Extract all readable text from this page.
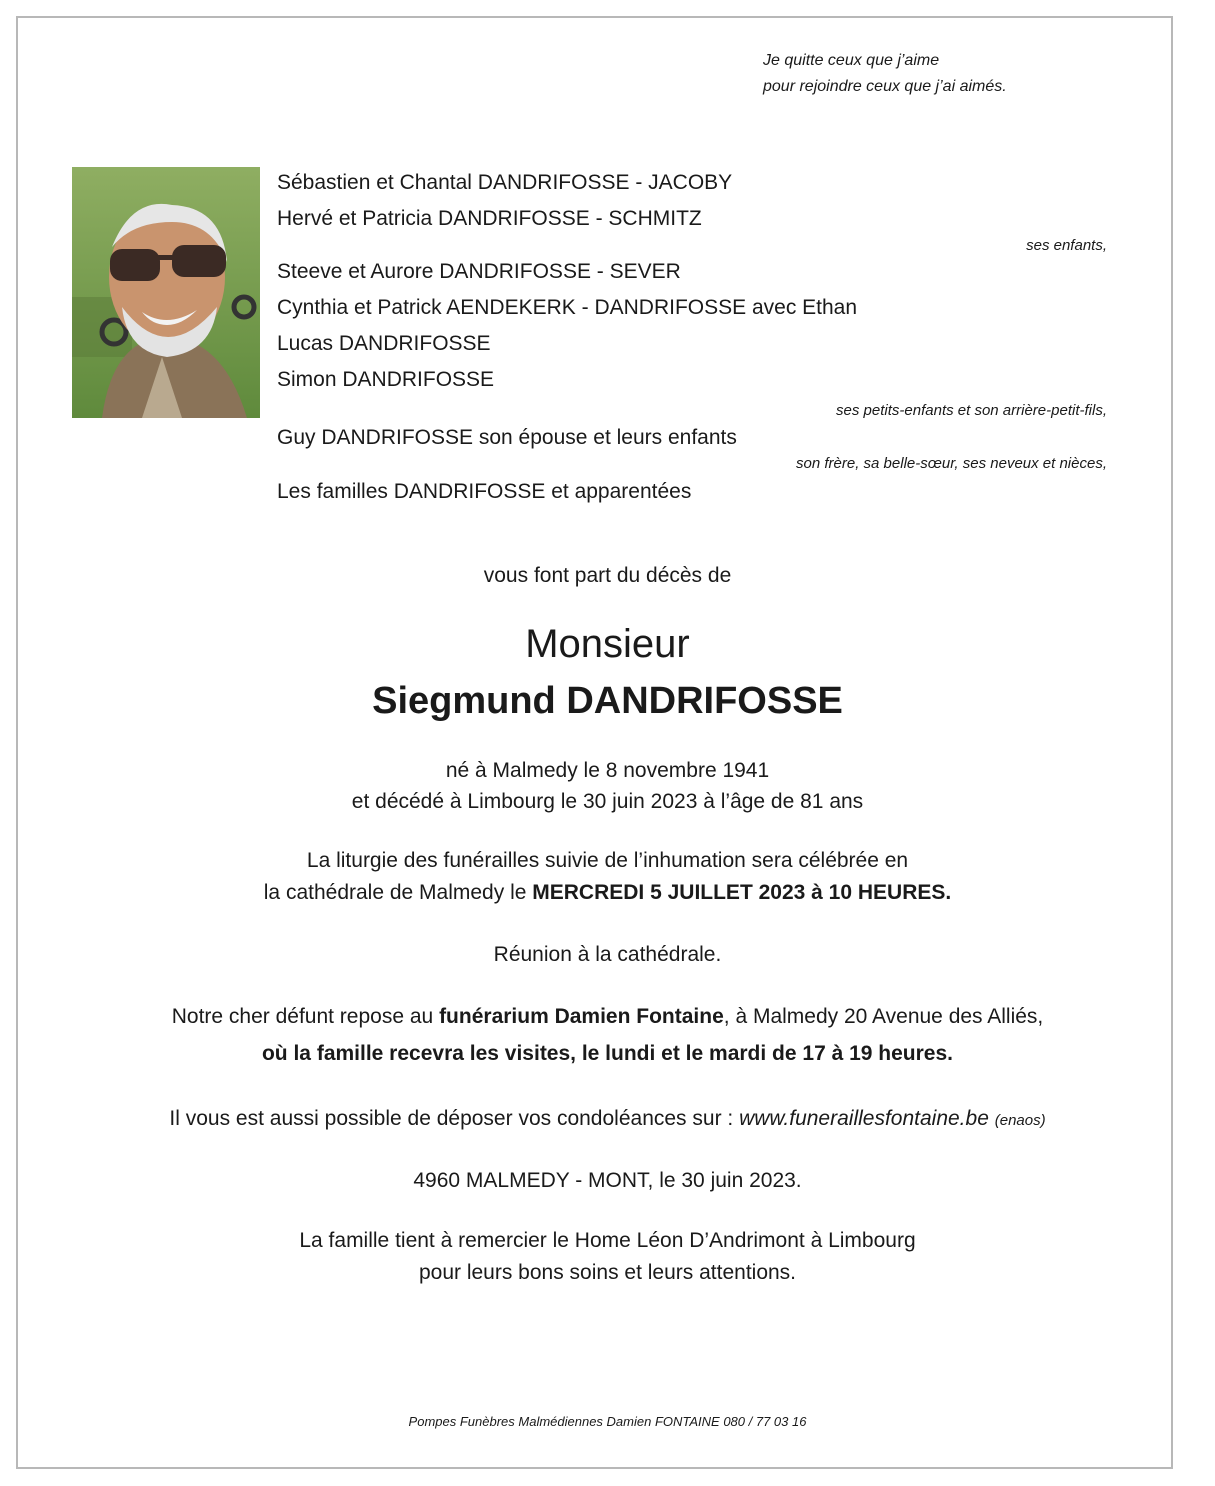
Je quitte ceux que j’aime
pour rejoindre ceux que j’ai aimés.
Sébastien et Chantal DANDRIFOSSE - JACOBY
Hervé et Patricia DANDRIFOSSE - SCHMITZ
ses enfants,
Steeve et Aurore DANDRIFOSSE - SEVER
Cynthia et Patrick AENDEKERK - DANDRIFOSSE avec Ethan
Lucas DANDRIFOSSE
Simon DANDRIFOSSE
ses petits-enfants et son arrière-petit-fils,
Guy DANDRIFOSSE son épouse et leurs enfants
son frère, sa belle-sœur, ses neveux et nièces,
Les familles DANDRIFOSSE et apparentées
vous font part du décès de
Monsieur
Siegmund DANDRIFOSSE
né à Malmedy le 8 novembre 1941
et décédé à Limbourg le 30 juin 2023 à l’âge de 81 ans
La liturgie des funérailles suivie de l’inhumation sera célébrée en
la cathédrale de Malmedy le MERCREDI 5 JUILLET 2023 à 10 HEURES.
Réunion à la cathédrale.
Notre cher défunt repose au funérarium Damien Fontaine, à Malmedy 20 Avenue des Alliés,
où la famille recevra les visites, le lundi et le mardi de 17 à 19 heures.
Il vous est aussi possible de déposer vos condoléances sur : www.funeraillesfontaine.be (enaos)
4960 MALMEDY - MONT, le 30 juin 2023.
La famille tient à remercier le Home Léon D’Andrimont à Limbourg
pour leurs bons soins et leurs attentions.
Pompes Funèbres Malmédiennes Damien FONTAINE 080 / 77 03 16
